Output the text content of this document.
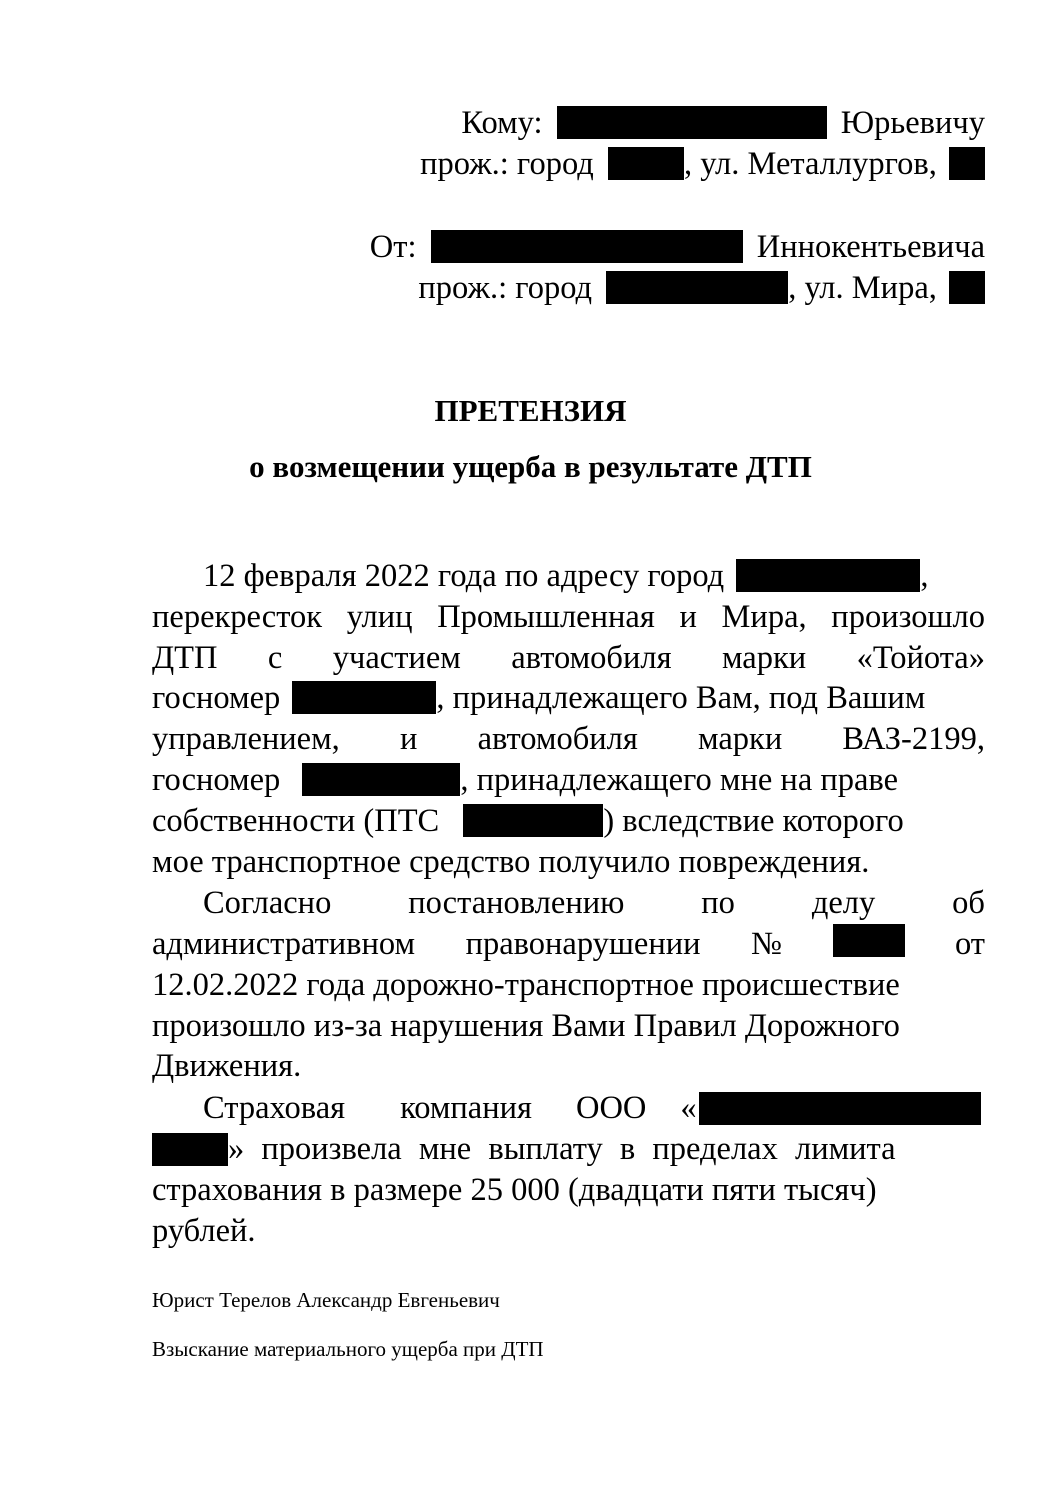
Кому:	Юрьевичу
прож.: город	, ул. Металлургов,
От:	Иннокентьевича
прож.: город	, ул. Мира,
ПРЕТЕНЗИЯ
о возмещении ущерба в результате ДТП
12 февраля 2022 года по адресу город	,
перекресток улиц Промышленная и Мира, произошло
ДТП с участием автомобиля марки «Тойота»
госномер	, принадлежащего Вам, под Вашим
управлением, и автомобиля марки ВАЗ-2199,
госномер	, принадлежащего мне на праве
собственности (ПТС	) вследствие которого
мое транспортное средство получило повреждения.
Согласно постановлению по делу об
административном правонарушении №	от
12.02.2022 года дорожно-транспортное происшествие
произошло из-за нарушения Вами Правил Дорожного
Движения.
Страховая компания ООО «
» произвела мне выплату в пределах лимита
страхования в размере 25 000 (двадцати пяти тысяч)
рублей.
Юрист Терелов Александр Евгеньевич
Взыскание материального ущерба при ДТП
